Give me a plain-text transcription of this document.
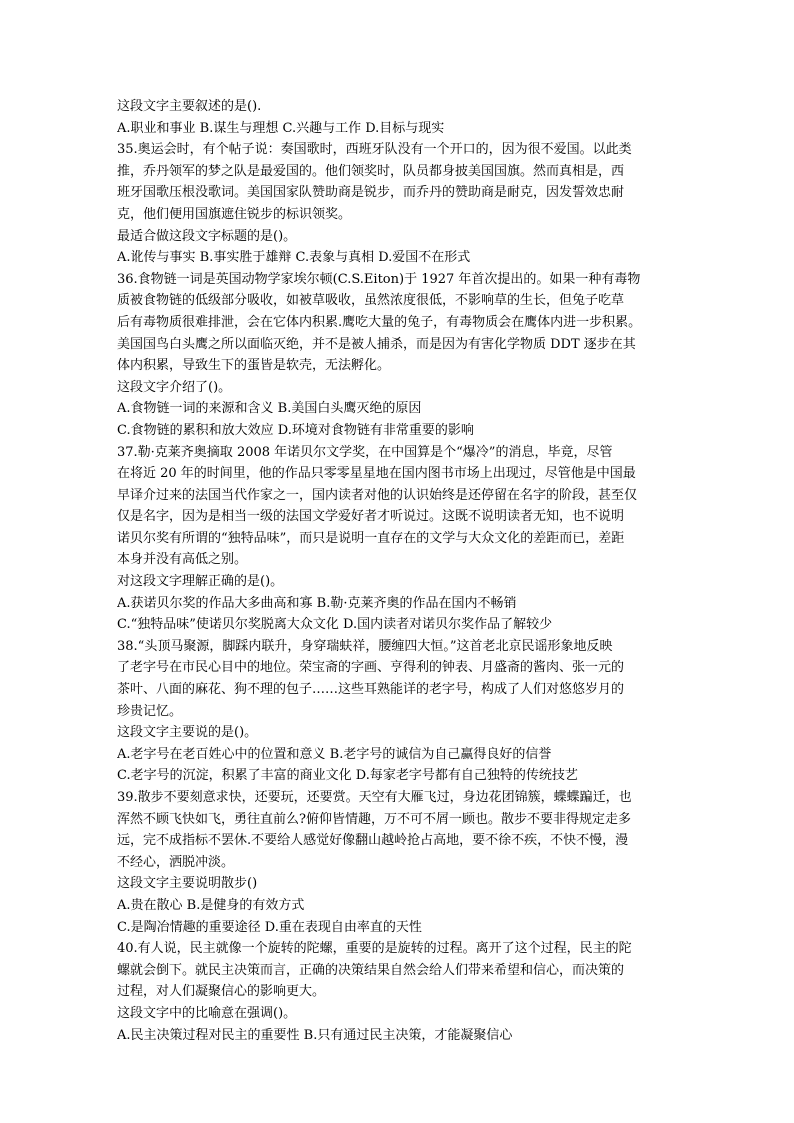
这段文字主要叙述的是().
A.职业和事业 B.谋生与理想 C.兴趣与工作 D.目标与现实
35.奥运会时，有个帖子说：奏国歌时，西班牙队没有一个开口的，因为很不爱国。以此类
推，乔丹领军的梦之队是最爱国的。他们领奖时，队员都身披美国国旗。然而真相是，西
班牙国歌压根没歌词。美国国家队赞助商是锐步，而乔丹的赞助商是耐克，因发誓效忠耐
克，他们便用国旗遮住锐步的标识领奖。
最适合做这段文字标题的是()。
A.讹传与事实 B.事实胜于雄辩 C.表象与真相 D.爱国不在形式
36.食物链一词是英国动物学家埃尔顿(C.S.Eiton)于 1927 年首次提出的。如果一种有毒物
质被食物链的低级部分吸收，如被草吸收，虽然浓度很低，不影响草的生长，但兔子吃草
后有毒物质很难排泄，会在它体内积累.鹰吃大量的兔子，有毒物质会在鹰体内进一步积累。
美国国鸟白头鹰之所以面临灭绝，并不是被人捕杀，而是因为有害化学物质 DDT 逐步在其
体内积累，导致生下的蛋皆是软壳，无法孵化。
这段文字介绍了()。
A.食物链一词的来源和含义 B.美国白头鹰灭绝的原因
C.食物链的累积和放大效应 D.环境对食物链有非常重要的影响
37.勒·克莱齐奥摘取 2008 年诺贝尔文学奖，在中国算是个“爆冷”的消息，毕竟，尽管
在将近 20 年的时间里，他的作品只零零星星地在国内图书市场上出现过，尽管他是中国最
早译介过来的法国当代作家之一，国内读者对他的认识始终是还停留在名字的阶段，甚至仅
仅是名字，因为是相当一级的法国文学爱好者才听说过。这既不说明读者无知，也不说明
诺贝尔奖有所谓的“独特品味”，而只是说明一直存在的文学与大众文化的差距而已，差距
本身并没有高低之别。
对这段文字理解正确的是()。
A.获诺贝尔奖的作品大多曲高和寡 B.勒·克莱齐奥的作品在国内不畅销
C.“独特品味”使诺贝尔奖脱离大众文化 D.国内读者对诺贝尔奖作品了解较少
38.“头顶马聚源，脚踩内联升，身穿瑞蚨祥，腰缠四大恒。”这首老北京民谣形象地反映
了老字号在市民心目中的地位。荣宝斋的字画、亨得利的钟表、月盛斋的酱肉、张一元的
茶叶、八面的麻花、狗不理的包子……这些耳熟能详的老字号，构成了人们对悠悠岁月的
珍贵记忆。
这段文字主要说的是()。
A.老字号在老百姓心中的位置和意义 B.老字号的诚信为自己赢得良好的信誉
C.老字号的沉淀，积累了丰富的商业文化 D.每家老字号都有自己独特的传统技艺
39.散步不要刻意求快，还要玩，还要赏。天空有大雁飞过，身边花团锦簇，蝶蝶蹁迁，也
浑然不顾飞快如飞，勇往直前么?俯仰皆情趣，万不可不屑一顾也。散步不要非得规定走多
远，完不成指标不罢休.不要给人感觉好像翻山越岭抢占高地，要不徐不疾，不快不慢，漫
不经心，洒脱冲淡。
这段文字主要说明散步()
A.贵在散心 B.是健身的有效方式
C.是陶冶情趣的重要途径 D.重在表现自由率直的天性
40.有人说，民主就像一个旋转的陀螺，重要的是旋转的过程。离开了这个过程，民主的陀
螺就会倒下。就民主决策而言，正确的决策结果自然会给人们带来希望和信心，而决策的
过程，对人们凝聚信心的影响更大。
这段文字中的比喻意在强调()。
A.民主决策过程对民主的重要性 B.只有通过民主决策，才能凝聚信心
